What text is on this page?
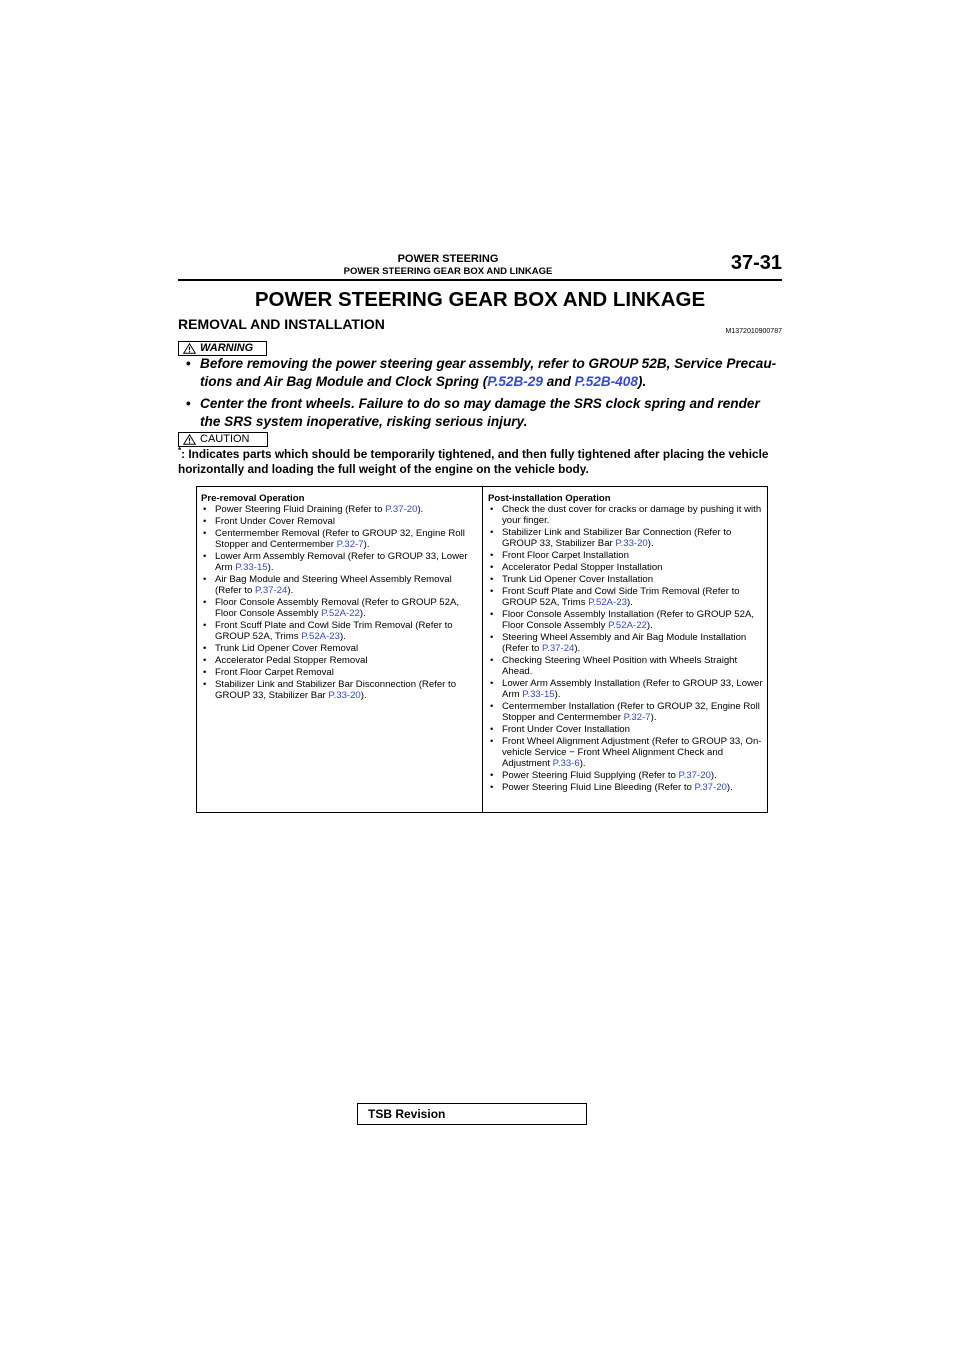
POWER STEERING
POWER STEERING GEAR BOX AND LINKAGE	37-31
POWER STEERING GEAR BOX AND LINKAGE
REMOVAL AND INSTALLATION	M1372010900787
WARNING
• Before removing the power steering gear assembly, refer to GROUP 52B, Service Precau-tions and Air Bag Module and Clock Spring (P.52B-29 and P.52B-408).
• Center the front wheels. Failure to do so may damage the SRS clock spring and render the SRS system inoperative, risking serious injury.
CAUTION
*: Indicates parts which should be temporarily tightened, and then fully tightened after placing the vehicle horizontally and loading the full weight of the engine on the vehicle body.
Pre-removal Operation
• Power Steering Fluid Draining (Refer to P.37-20).
• Front Under Cover Removal
• Centermember Removal (Refer to GROUP 32, Engine Roll Stopper and Centermember P.32-7).
• Lower Arm Assembly Removal (Refer to GROUP 33, Lower Arm P.33-15).
• Air Bag Module and Steering Wheel Assembly Removal (Refer to P.37-24).
• Floor Console Assembly Removal (Refer to GROUP 52A, Floor Console Assembly P.52A-22).
• Front Scuff Plate and Cowl Side Trim Removal (Refer to GROUP 52A, Trims P.52A-23).
• Trunk Lid Opener Cover Removal
• Accelerator Pedal Stopper Removal
• Front Floor Carpet Removal
• Stabilizer Link and Stabilizer Bar Disconnection (Refer to GROUP 33, Stabilizer Bar P.33-20).
Post-installation Operation
• Check the dust cover for cracks or damage by pushing it with your finger.
• Stabilizer Link and Stabilizer Bar Connection (Refer to GROUP 33, Stabilizer Bar P.33-20).
• Front Floor Carpet Installation
• Accelerator Pedal Stopper Installation
• Trunk Lid Opener Cover Installation
• Front Scuff Plate and Cowl Side Trim Removal (Refer to GROUP 52A, Trims P.52A-23).
• Floor Console Assembly Installation (Refer to GROUP 52A, Floor Console Assembly P.52A-22).
• Steering Wheel Assembly and Air Bag Module Installation (Refer to P.37-24).
• Checking Steering Wheel Position with Wheels Straight Ahead.
• Lower Arm Assembly Installation (Refer to GROUP 33, Lower Arm P.33-15).
• Centermember Installation (Refer to GROUP 32, Engine Roll Stopper and Centermember P.32-7).
• Front Under Cover Installation
• Front Wheel Alignment Adjustment (Refer to GROUP 33, On-vehicle Service − Front Wheel Alignment Check and Adjustment P.33-6).
• Power Steering Fluid Supplying (Refer to P.37-20).
• Power Steering Fluid Line Bleeding (Refer to P.37-20).
TSB Revision
